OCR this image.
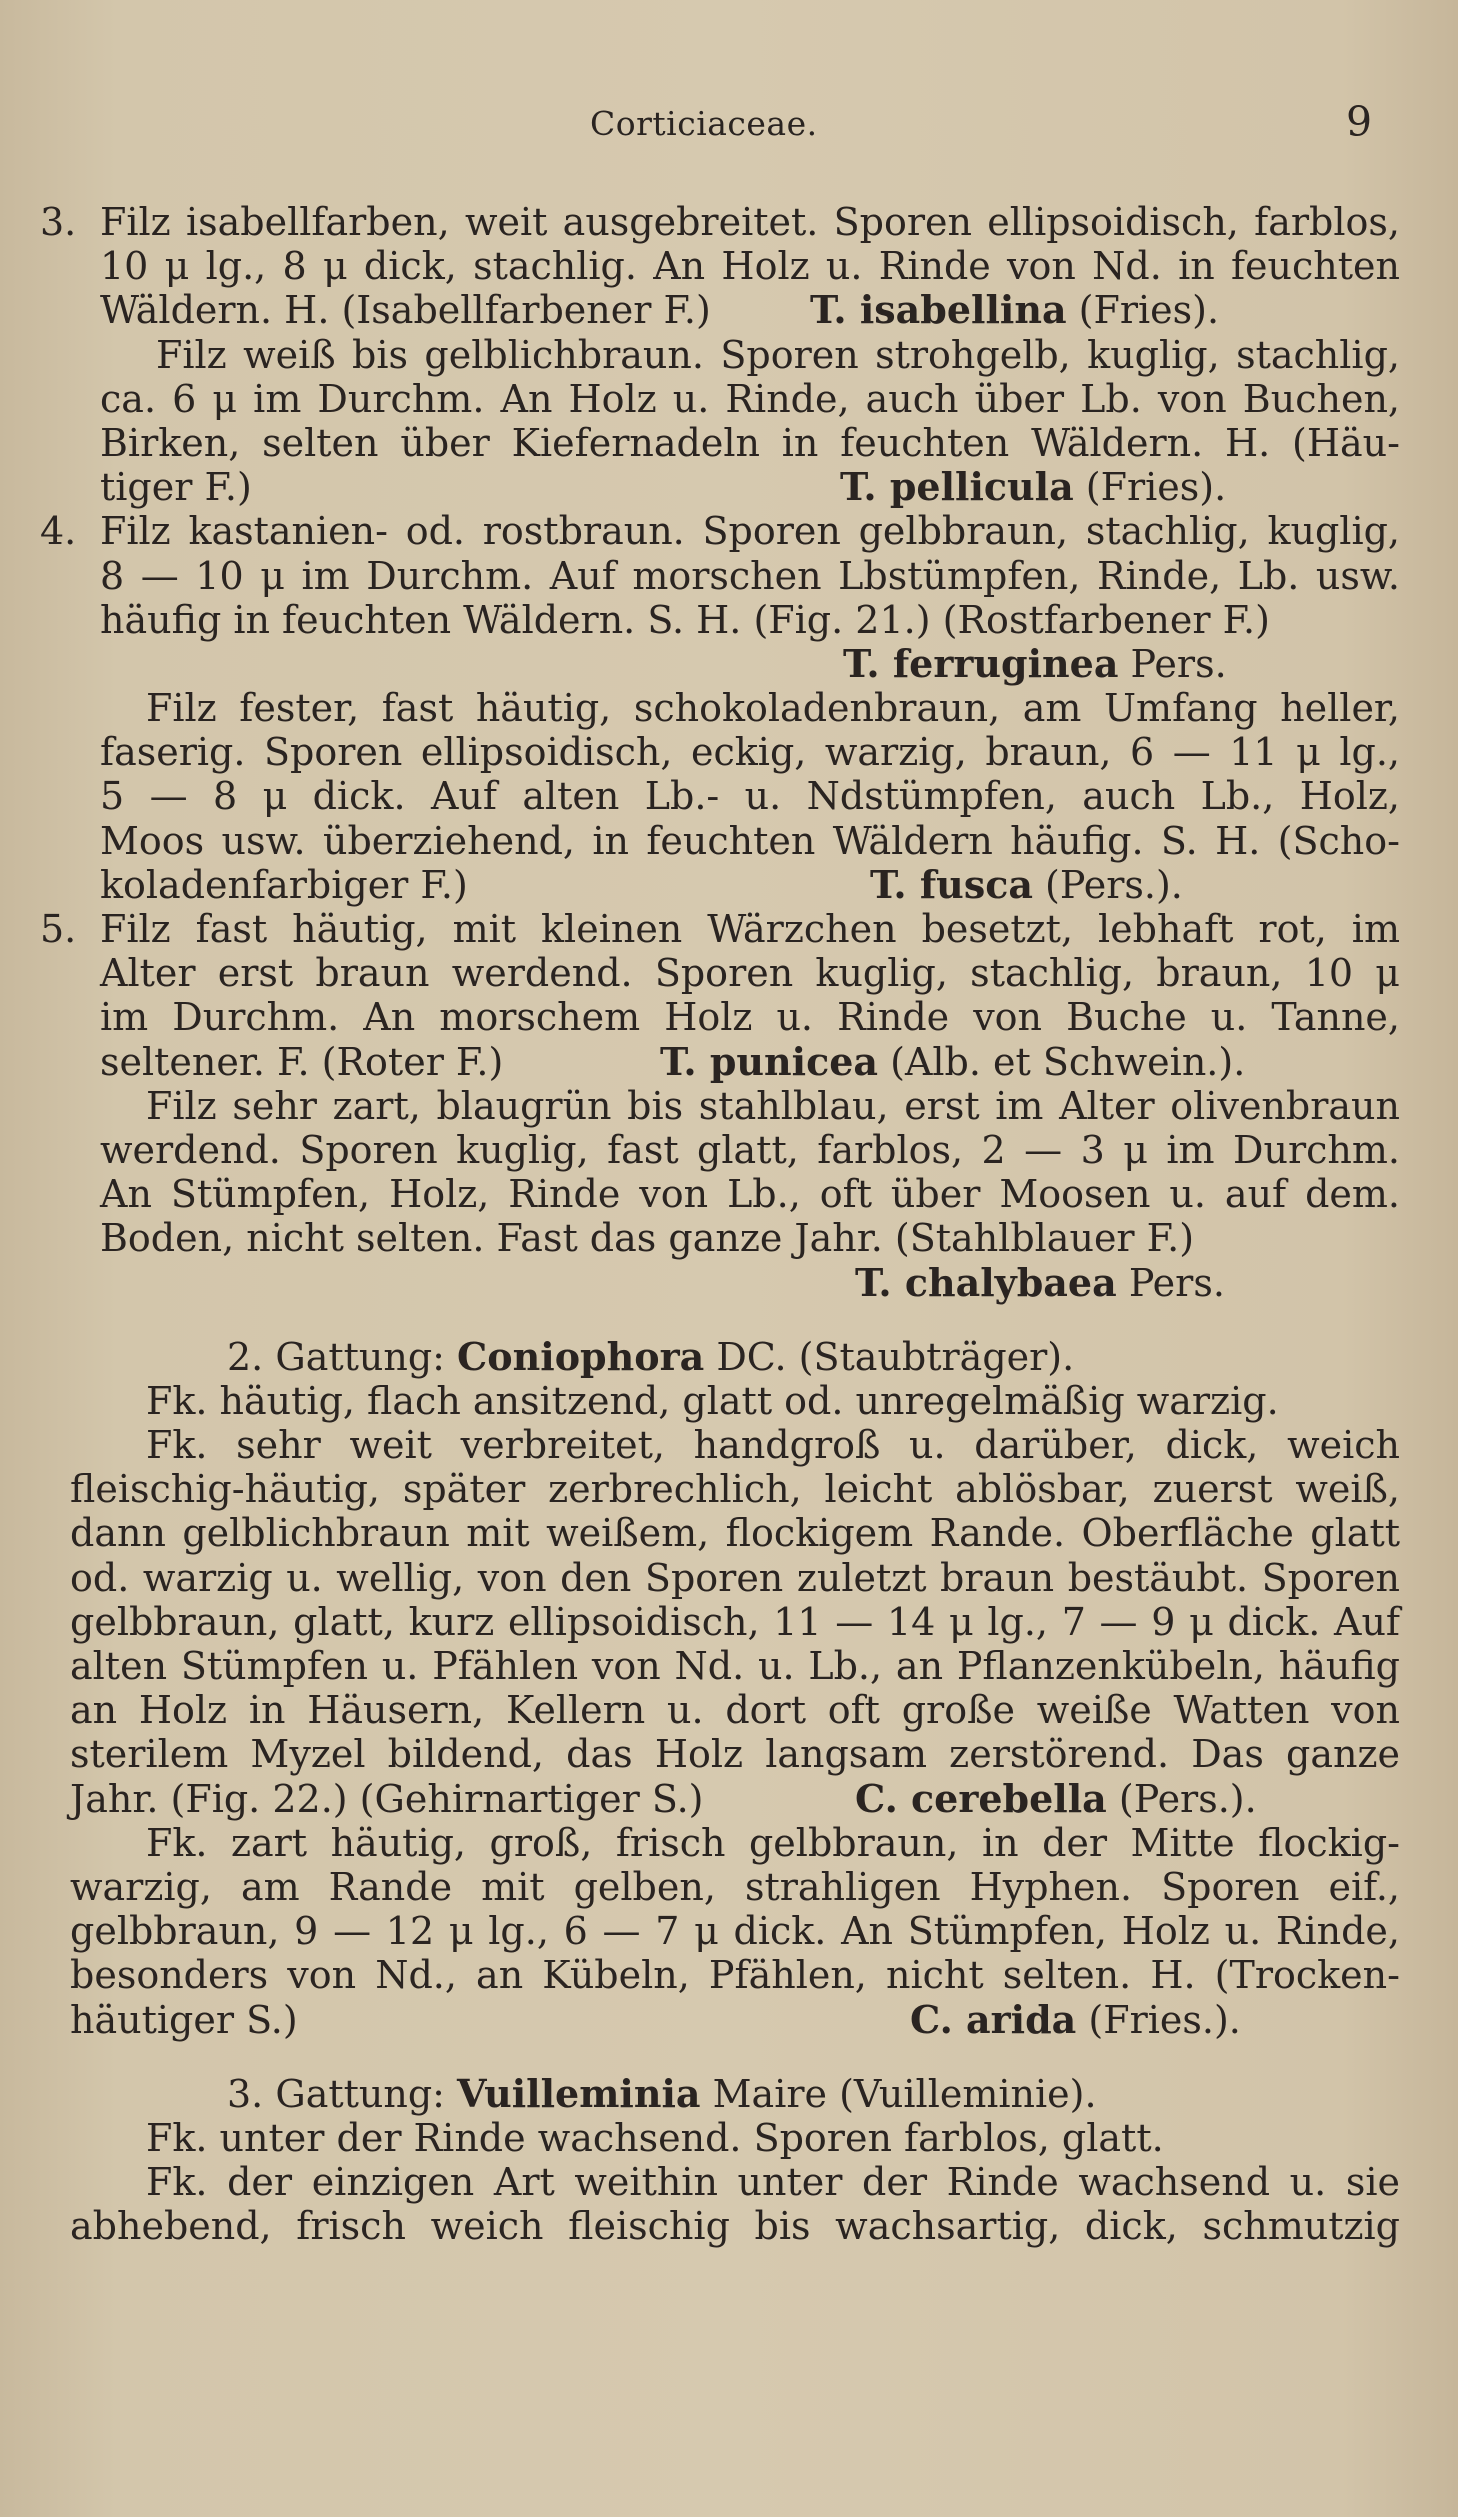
Corticiaceae.	9
3. Filz isabellfarben, weit ausgebreitet. Sporen ellipsoidisch, farblos,
10 μ lg., 8 μ dick, stachlig. An Holz u. Rinde von Nd. in feuchten
Wäldern. H. (Isabellfarbener F.)	T. isabellina (Fries).
Filz weiß bis gelblichbraun. Sporen strohgelb, kuglig, stachlig,
ca. 6 μ im Durchm. An Holz u. Rinde, auch über Lb. von Buchen,
Birken, selten über Kiefernadeln in feuchten Wäldern. H. (Häu-
tiger F.)	T. pellicula (Fries).
4. Filz kastanien- od. rostbraun. Sporen gelbbraun, stachlig, kuglig,
8 — 10 μ im Durchm. Auf morschen Lbstümpfen, Rinde, Lb. usw.
häufig in feuchten Wäldern. S. H. (Fig. 21.) (Rostfarbener F.)
T. ferruginea Pers.
Filz fester, fast häutig, schokoladenbraun, am Umfang heller,
faserig. Sporen ellipsoidisch, eckig, warzig, braun, 6 — 11 μ lg.,
5 — 8 μ dick. Auf alten Lb.- u. Ndstümpfen, auch Lb., Holz,
Moos usw. überziehend, in feuchten Wäldern häufig. S. H. (Scho-
koladenfarbiger F.)	T. fusca (Pers.).
5. Filz fast häutig, mit kleinen Wärzchen besetzt, lebhaft rot, im
Alter erst braun werdend. Sporen kuglig, stachlig, braun, 10 μ
im Durchm. An morschem Holz u. Rinde von Buche u. Tanne,
seltener. F. (Roter F.)	T. punicea (Alb. et Schwein.).
Filz sehr zart, blaugrün bis stahlblau, erst im Alter olivenbraun
werdend. Sporen kuglig, fast glatt, farblos, 2 — 3 μ im Durchm.
An Stümpfen, Holz, Rinde von Lb., oft über Moosen u. auf dem.
Boden, nicht selten. Fast das ganze Jahr. (Stahlblauer F.)
T. chalybaea Pers.
2. Gattung: Coniophora DC. (Staubträger).
Fk. häutig, flach ansitzend, glatt od. unregelmäßig warzig.
Fk. sehr weit verbreitet, handgroß u. darüber, dick, weich
fleischig-häutig, später zerbrechlich, leicht ablösbar, zuerst weiß,
dann gelblichbraun mit weißem, flockigem Rande. Oberfläche glatt
od. warzig u. wellig, von den Sporen zuletzt braun bestäubt. Sporen
gelbbraun, glatt, kurz ellipsoidisch, 11 — 14 μ lg., 7 — 9 μ dick. Auf
alten Stümpfen u. Pfählen von Nd. u. Lb., an Pflanzenkübeln, häufig
an Holz in Häusern, Kellern u. dort oft große weiße Watten von
sterilem Myzel bildend, das Holz langsam zerstörend. Das ganze
Jahr. (Fig. 22.) (Gehirnartiger S.)	C. cerebella (Pers.).
Fk. zart häutig, groß, frisch gelbbraun, in der Mitte flockig-
warzig, am Rande mit gelben, strahligen Hyphen. Sporen eif.,
gelbbraun, 9 — 12 μ lg., 6 — 7 μ dick. An Stümpfen, Holz u. Rinde,
besonders von Nd., an Kübeln, Pfählen, nicht selten. H. (Trocken-
häutiger S.)	C. arida (Fries.).
3. Gattung: Vuilleminia Maire (Vuilleminie).
Fk. unter der Rinde wachsend. Sporen farblos, glatt.
Fk. der einzigen Art weithin unter der Rinde wachsend u. sie
abhebend, frisch weich fleischig bis wachsartig, dick, schmutzig
